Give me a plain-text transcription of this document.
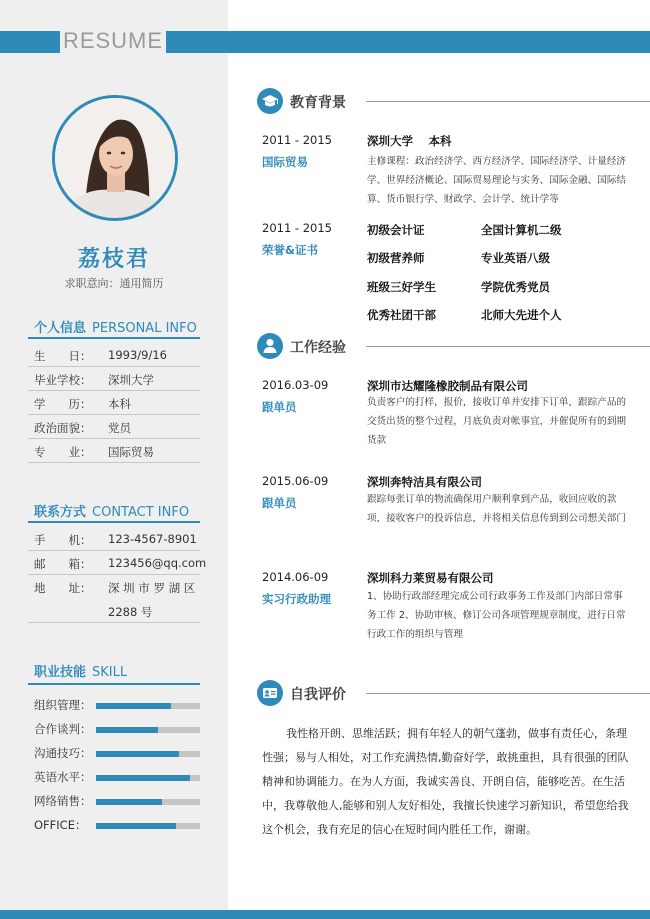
RESUME
荔枝君
求职意向：通用简历
个人信息 PERSONAL INFO
生　　日： 1993/9/16
毕业学校： 深圳大学
学　　历： 本科
政治面貌： 党员
专　　业： 国际贸易
联系方式 CONTACT INFO
手　　机： 123-4567-8901
邮　　箱： 123456@qq.com
地　　址： 深 圳 市 罗 湖 区
2288 号
职业技能 SKILL
组织管理：
合作谈判：
沟通技巧：
英语水平：
网络销售：
OFFICE：
教育背景
2011 - 2015
国际贸易
深圳大学　 本科
主修课程：政治经济学、西方经济学、国际经济学、计量经济学、世界经济概论、国际贸易理论与实务、国际金融、国际结算、货币银行学、财政学、会计学、统计学等
2011 - 2015
荣誉&证书
初级会计证	全国计算机二级
初级营养师	专业英语八级
班级三好学生	学院优秀党员
优秀社团干部	北师大先进个人
工作经验
2016.03-09
跟单员
深圳市达耀隆橡胶制品有限公司
负责客户的打样，报价，接收订单并安排下订单，跟踪产品的交货出货的整个过程，月底负责对帐事宜，并催促所有的到期货款
2015.06-09
跟单员
深圳奔特洁具有限公司
跟踪每张订单的物流确保用户顺利拿到产品，收回应收的款项，接收客户的投诉信息，并将相关信息传到到公司想关部门
2014.06-09
实习行政助理
深圳科力莱贸易有限公司
1、协助行政部经理完成公司行政事务工作及部门内部日常事务工作 2、协助审核、修订公司各项管理规章制度，进行日常行政工作的组织与管理
自我评价
我性格开朗、思维活跃；拥有年轻人的朝气蓬勃，做事有责任心，条理性强；易与人相处，对工作充满热情,勤奋好学，敢挑重担，具有很强的团队精神和协调能力。在为人方面，我诚实善良、开朗自信，能够吃苦。在生活中，我尊敬他人,能够和别人友好相处，我擅长快速学习新知识，希望您给我这个机会，我有充足的信心在短时间内胜任工作，谢谢。
